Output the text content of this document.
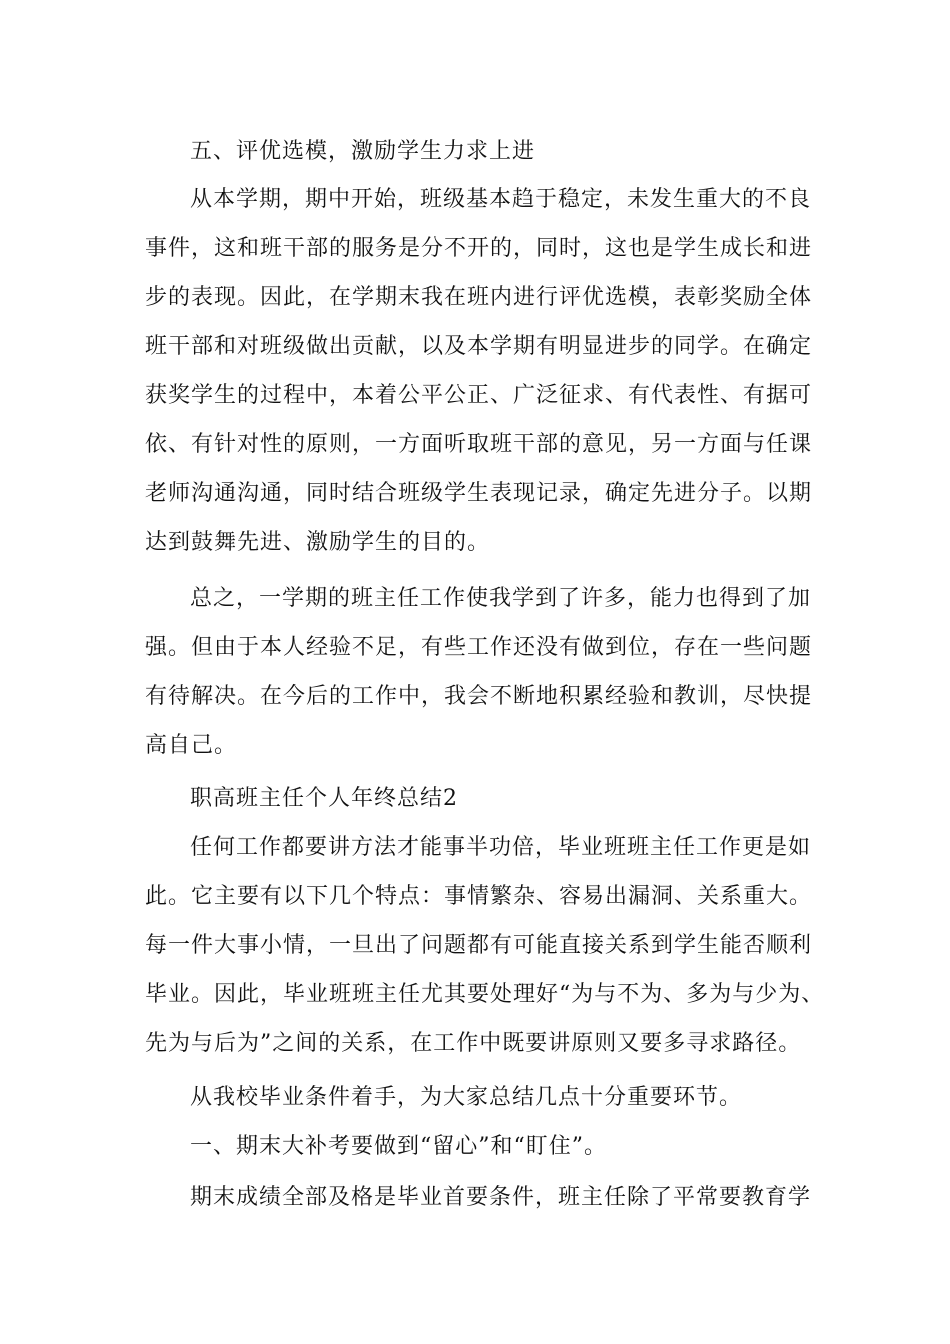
五、评优选模，激励学生力求上进
从本学期，期中开始，班级基本趋于稳定，未发生重大的不良
事件，这和班干部的服务是分不开的，同时，这也是学生成长和进
步的表现。因此，在学期末我在班内进行评优选模，表彰奖励全体
班干部和对班级做出贡献，以及本学期有明显进步的同学。在确定
获奖学生的过程中，本着公平公正、广泛征求、有代表性、有据可
依、有针对性的原则，一方面听取班干部的意见，另一方面与任课
老师沟通沟通，同时结合班级学生表现记录，确定先进分子。以期
达到鼓舞先进、激励学生的目的。
总之，一学期的班主任工作使我学到了许多，能力也得到了加
强。但由于本人经验不足，有些工作还没有做到位，存在一些问题
有待解决。在今后的工作中，我会不断地积累经验和教训，尽快提
高自己。
职高班主任个人年终总结2
任何工作都要讲方法才能事半功倍，毕业班班主任工作更是如
此。它主要有以下几个特点：事情繁杂、容易出漏洞、关系重大。
每一件大事小情，一旦出了问题都有可能直接关系到学生能否顺利
毕业。因此，毕业班班主任尤其要处理好“为与不为、多为与少为、
先为与后为”之间的关系，在工作中既要讲原则又要多寻求路径。
从我校毕业条件着手，为大家总结几点十分重要环节。
一、期末大补考要做到“留心”和“盯住”。
期末成绩全部及格是毕业首要条件，班主任除了平常要教育学
